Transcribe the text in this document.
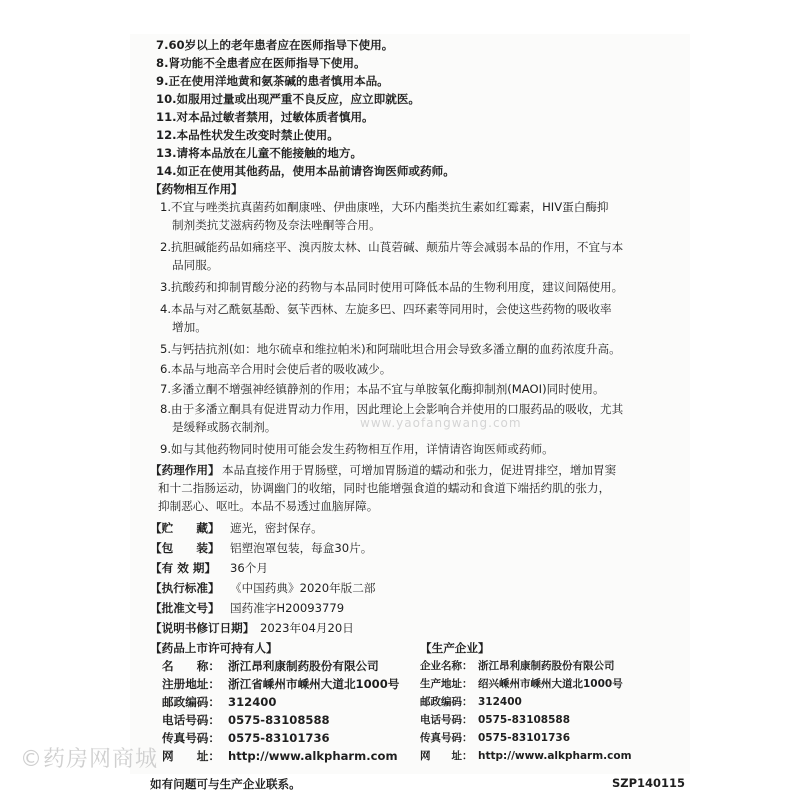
7.60岁以上的老年患者应在医师指导下使用。
8.肾功能不全患者应在医师指导下使用。
9.正在使用洋地黄和氨茶碱的患者慎用本品。
10.如服用过量或出现严重不良反应，应立即就医。
11.对本品过敏者禁用，过敏体质者慎用。
12.本品性状发生改变时禁止使用。
13.请将本品放在儿童不能接触的地方。
14.如正在使用其他药品，使用本品前请咨询医师或药师。
【药物相互作用】
1.不宜与唑类抗真菌药如酮康唑、伊曲康唑，大环内酯类抗生素如红霉素，HIV蛋白酶抑
制剂类抗艾滋病药物及奈法唑酮等合用。
2.抗胆碱能药品如痛痉平、溴丙胺太林、山莨菪碱、颠茄片等会减弱本品的作用，不宜与本
品同服。
3.抗酸药和抑制胃酸分泌的药物与本品同时使用可降低本品的生物利用度，建议间隔使用。
4.本品与对乙酰氨基酚、氨苄西林、左旋多巴、四环素等同用时，会使这些药物的吸收率
增加。
5.与钙拮抗剂(如：地尔硫卓和维拉帕米)和阿瑞吡坦合用会导致多潘立酮的血药浓度升高。
6.本品与地高辛合用时会使后者的吸收减少。
7.多潘立酮不增强神经镇静剂的作用；本品不宜与单胺氧化酶抑制剂(MAOI)同时使用。
8.由于多潘立酮具有促进胃动力作用，因此理论上会影响合并使用的口服药品的吸收，尤其
是缓释或肠衣制剂。
9.如与其他药物同时使用可能会发生药物相互作用，详情请咨询医师或药师。
【药理作用】 本品直接作用于胃肠壁，可增加胃肠道的蠕动和张力，促进胃排空，增加胃窦
和十二指肠运动，协调幽门的收缩，同时也能增强食道的蠕动和食道下端括约肌的张力，
抑制恶心、呕吐。本品不易透过血脑屏障。
www.yaofangwang.com
【贮　　藏】 遮光，密封保存。
【包　　装】 铝塑泡罩包装，每盒30片。
【有 效 期】 36个月
【执行标准】 《中国药典》2020年版二部
【批准文号】 国药准字H20093779
【说明书修订日期】 2023年04月20日
【药品上市许可持有人】
名　　称： 浙江昂利康制药股份有限公司
注册地址： 浙江省嵊州市嵊州大道北1000号
邮政编码： 312400
电话号码： 0575-83108588
传真号码： 0575-83101736
网　　址： http://www.alkpharm.com
©药房网商城
【生产企业】
企业名称： 浙江昂利康制药股份有限公司
生产地址： 绍兴嵊州市嵊州大道北1000号
邮政编码： 312400
电话号码： 0575-83108588
传真号码： 0575-83101736
网　　址： http://www.alkpharm.com
如有问题可与生产企业联系。	SZP140115
